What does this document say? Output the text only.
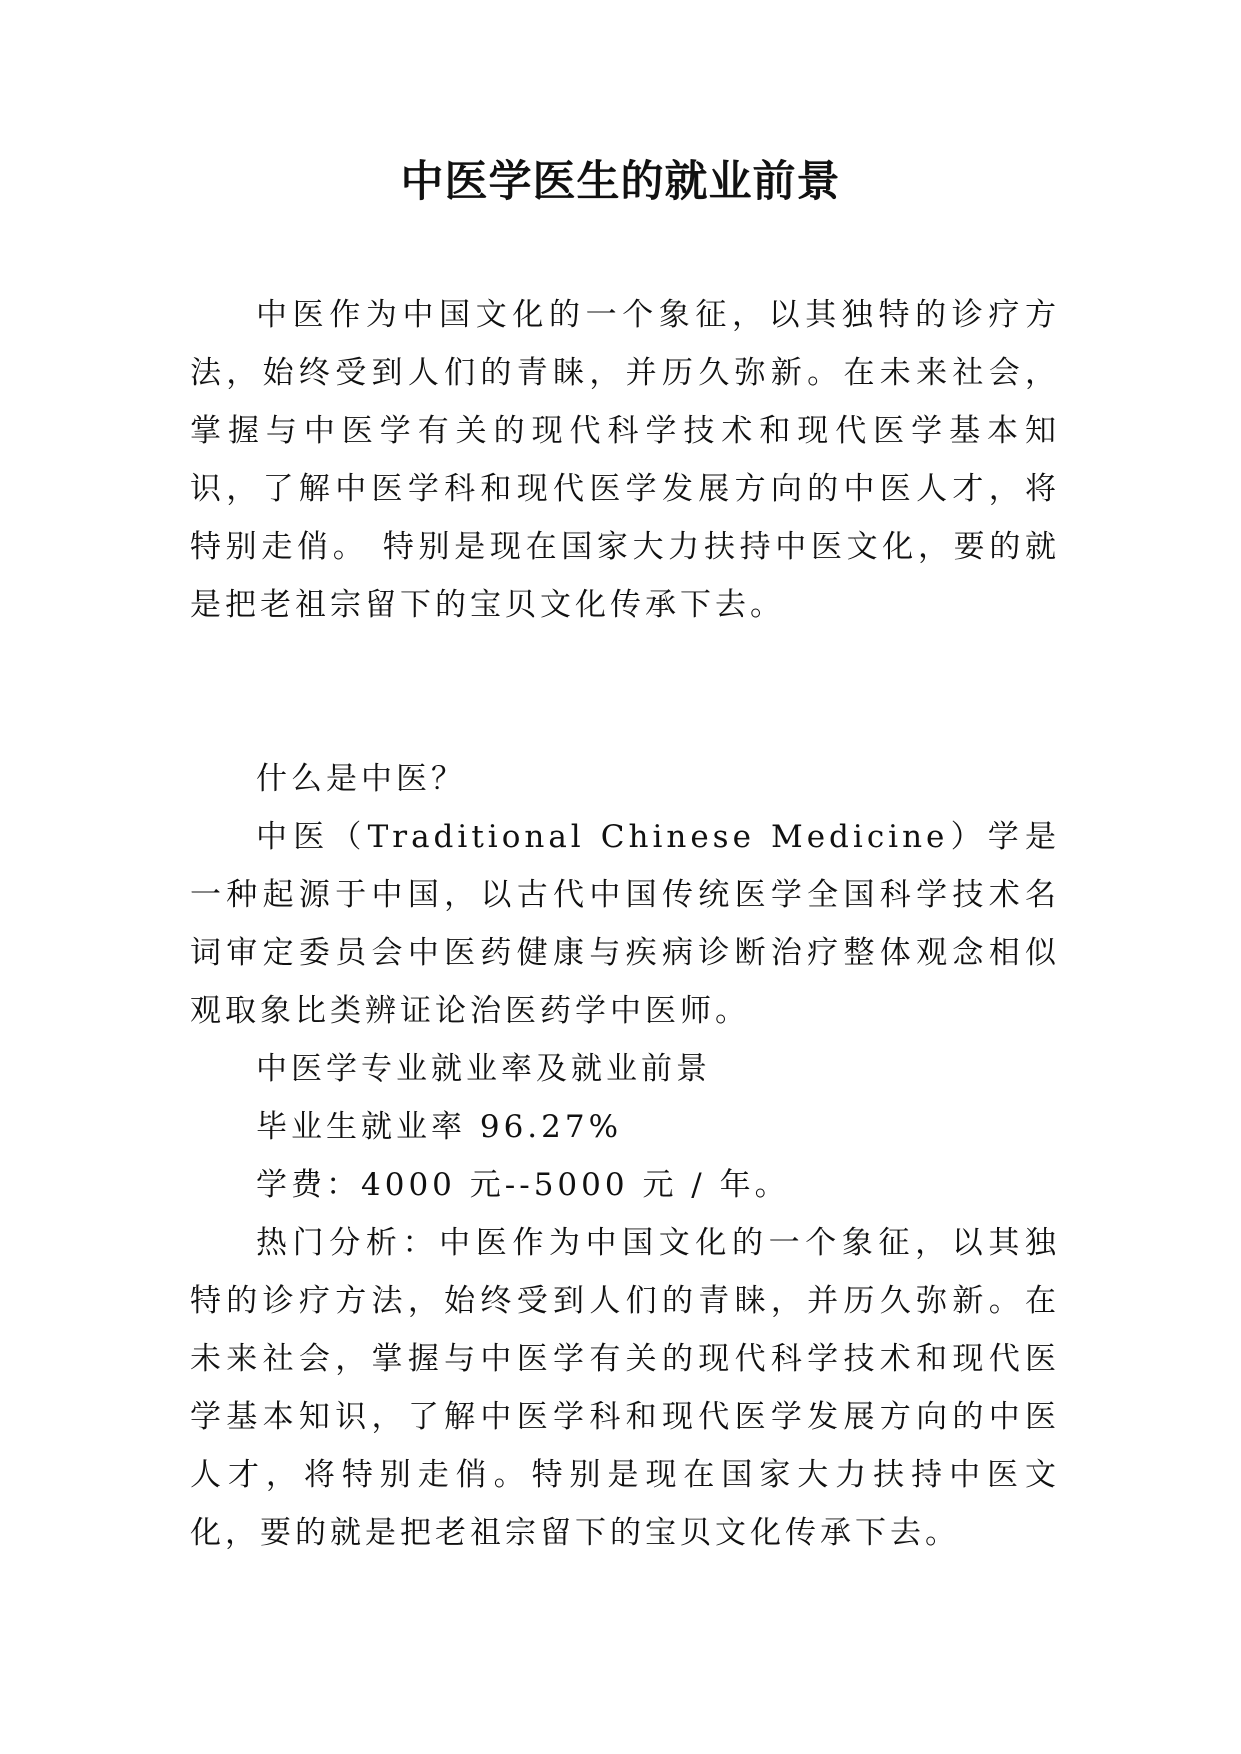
中医学医生的就业前景

中医作为中国文化的一个象征，以其独特的诊疗方法，始终受到人们的青睐，并历久弥新。在未来社会，掌握与中医学有关的现代科学技术和现代医学基本知识，了解中医学科和现代医学发展方向的中医人才，将特别走俏。 特别是现在国家大力扶持中医文化，要的就是把老祖宗留下的宝贝文化传承下去。

什么是中医？

中医（Traditional Chinese Medicine）学是一种起源于中国，以古代中国传统医学全国科学技术名词审定委员会中医药健康与疾病诊断治疗整体观念相似观取象比类辨证论治医药学中医师。

中医学专业就业率及就业前景

毕业生就业率 96.27%

学费：4000 元--5000 元 / 年。

热门分析：中医作为中国文化的一个象征，以其独特的诊疗方法，始终受到人们的青睐，并历久弥新。在未来社会，掌握与中医学有关的现代科学技术和现代医学基本知识，了解中医学科和现代医学发展方向的中医人才，将特别走俏。特别是现在国家大力扶持中医文化，要的就是把老祖宗留下的宝贝文化传承下去。
